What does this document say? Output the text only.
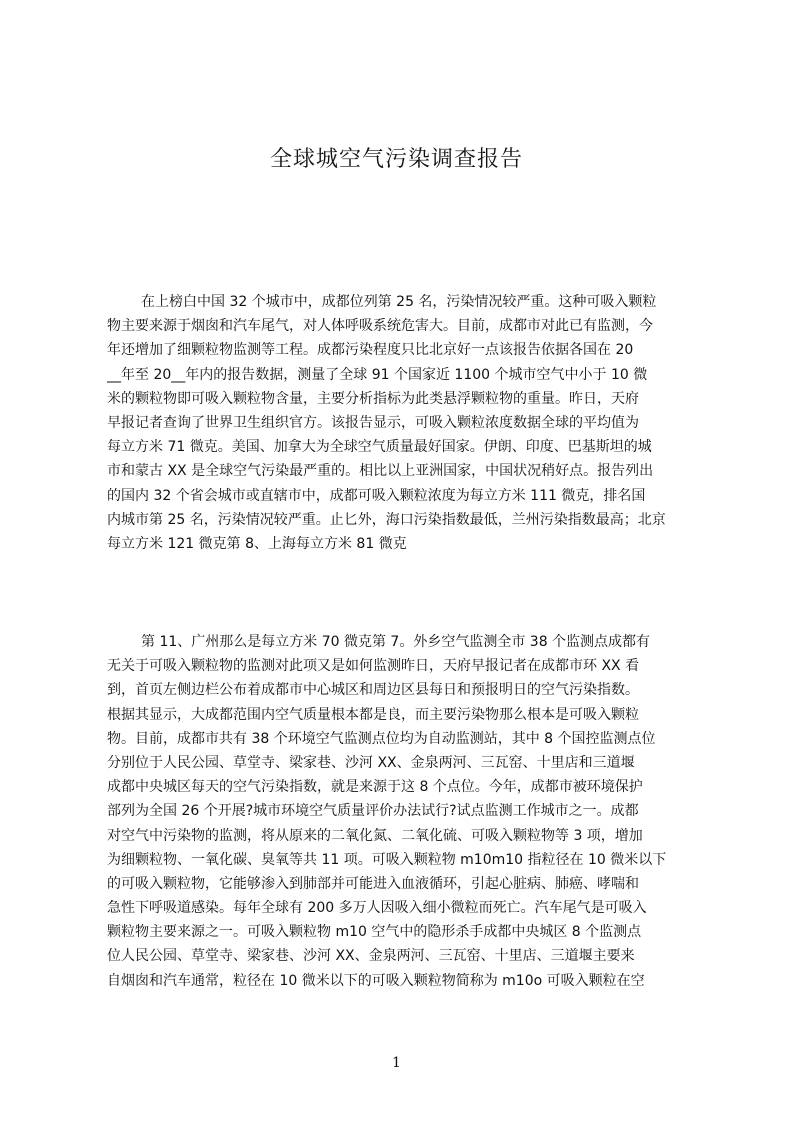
全球城空气污染调查报告
在上榜白中国 32 个城市中，成都位列第 25 名，污染情况较严重。这种可吸入颗粒
物主要来源于烟囱和汽车尾气，对人体呼吸系统危害大。目前，成都市对此已有监测，今
年还增加了细颗粒物监测等工程。成都污染程度只比北京好一点该报告依据各国在 20
__年至 20__年内的报告数据，测量了全球 91 个国家近 1100 个城市空气中小于 10 微
米的颗粒物即可吸入颗粒物含量，主要分析指标为此类悬浮颗粒物的重量。昨日，天府
早报记者查询了世界卫生组织官方。该报告显示，可吸入颗粒浓度数据全球的平均值为
每立方米 71 微克。美国、加拿大为全球空气质量最好国家。伊朗、印度、巴基斯坦的城
市和蒙古 XX 是全球空气污染最严重的。相比以上亚洲国家，中国状况稍好点。报告列出
的国内 32 个省会城市或直辖市中，成都可吸入颗粒浓度为每立方米 111 微克，排名国
内城市第 25 名，污染情况较严重。止匕外，海口污染指数最低，兰州污染指数最高；北京
每立方米 121 微克第 8、上海每立方米 81 微克
第 11、广州那么是每立方米 70 微克第 7。外乡空气监测全市 38 个监测点成都有
无关于可吸入颗粒物的监测对此项又是如何监测昨日，天府早报记者在成都市环 XX 看
到，首页左侧边栏公布着成都市中心城区和周边区县每日和预报明日的空气污染指数。
根据其显示，大成都范围内空气质量根本都是良，而主要污染物那么根本是可吸入颗粒
物。目前，成都市共有 38 个环境空气监测点位均为自动监测站，其中 8 个国控监测点位
分别位于人民公园、草堂寺、梁家巷、沙河 XX、金泉两河、三瓦窑、十里店和三道堰
成都中央城区每天的空气污染指数，就是来源于这 8 个点位。今年，成都市被环境保护
部列为全国 26 个开展?城市环境空气质量评价办法试行?试点监测工作城市之一。成都
对空气中污染物的监测，将从原来的二氧化氮、二氧化硫、可吸入颗粒物等 3 项，增加
为细颗粒物、一氧化碳、臭氧等共 11 项。可吸入颗粒物 m10m10 指粒径在 10 微米以下
的可吸入颗粒物，它能够渗入到肺部并可能进入血液循环，引起心脏病、肺癌、哮喘和
急性下呼吸道感染。每年全球有 200 多万人因吸入细小微粒而死亡。汽车尾气是可吸入
颗粒物主要来源之一。可吸入颗粒物 m10 空气中的隐形杀手成都中央城区 8 个监测点
位人民公园、草堂寺、梁家巷、沙河 XX、金泉两河、三瓦窑、十里店、三道堰主要来
自烟囱和汽车通常，粒径在 10 微米以下的可吸入颗粒物简称为 m10o 可吸入颗粒在空
1
